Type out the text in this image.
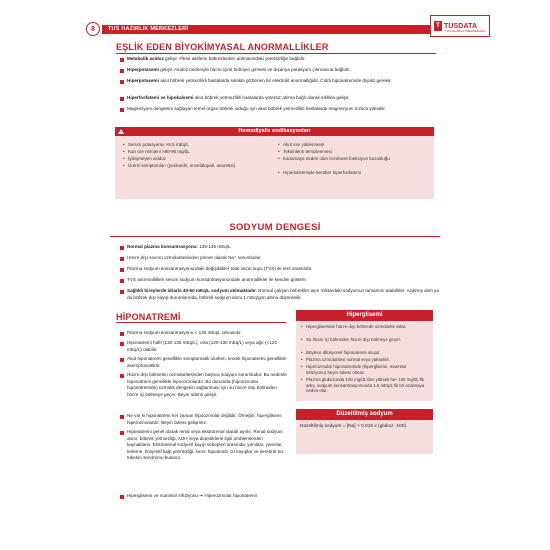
8	TUS HAZIRLIK MERKEZLERİ	T TUSDATA
TUS HAZIRLIK MERKEZLERİ
EŞLİK EDEN BİYOKİMYASAL ANORMALLİKLER
Metabolik asidoz gelişir. Fikse asitlerin böbreklerden atılmasındaki yetersizliğe bağlıdır.
Hiperpotasemi gelişir. Asidoz nedeniyle hücre içine hidrojen girmesi ve dışarıya potasyum çıkmasına bağlıdır.
Hiperpotasemi akut böbrek yetmezlikli hastalarda sıklıkla gözlenen bir elektrolit anormalliğidir. Ciddi hiponatremide diyaliz gerekir.
Hiperfosfatemi ve hipokalsemi akut böbrek yetmezlikli hastalarda yetersiz atılma bağlı olarak sıklıkla gelişir.
Magnezyum dengesini sağlayan temel organ böbrek olduğu için akut böbrek yetmezlikli hastalarda magnezyum hızlıca yükselir.
Hemodiyaliz endikasyonları
• Serum potasyumu >5.5 mEq/L
• Kan üre nitrojeni >80-90 mg/dL
• İyileşmeyen asidoz
• Üremi semptomları (perikardit, ensefalopati, anoreksi)
• Akut sıvı yüklenmesi
• Toksinlerin temizlenmesi
• Kanamaya neden olan trombosit fonksiyon bozukluğu
• Hiperkalsemiyle beraber hiperfosfatemi
SODYUM DENGESİ
Normal plazma konsantrasyonu: 135-145 mEq/L
Hücre dışı sıvının ozmolaritesinden primer olarak Na⁺ sorumludur.
Plazma sodyum konsantrasyonundaki değişiklikler total vücut suyu (TVS) ile ters orantılıdır.
TVS anormallikleri serum sodyum konsantrasyonundaki anormallikler ile kendini gösterir.
Sağlıklı bireylerde idrarla 40-60 mEq/L sodyum atılmaktadır. Normal çalışan böbrekler aşırı miktardaki sodyumun tamamını atabilirler. Azalmış alım ya da böbrek dışı kayıp durumlarında, böbrek sodyum atımı 1 mEq/gün altına düşürebilir.
HİPONATREMİ
Plazma sodyum konsantrasyonu < 135 mEq/L olmasıdır.
Hiponatremi hafif (130-135 mEq/L), orta (120-130 mEq/L) veya ağır (<120 mEq/L) olabilir.
Akut hiponatremi genellikle semptomatik olurken, kronik hiponatremi genellikle asemptomatiktir.
Hücre dışı bölmenin ozmolaritesinden başlıca sodyum sorumludur. Bu nedenle hiponatremi genellikle hipoozmolardır. Bu durumda (hipoozmolar hiponatremide) ozmotik dengenin sağlanması için su hücre dışı bölmeden hücre içi bölmeye geçer. Beyin ödemi gelişir.
Ne var ki hiponatremi her zaman hipoozmolar değildir. Örneğin; hiperglisemi hiperozmolardır. Beyin ödemi gelişmez.
Hiponatremi genel olarak renal veya ekstrarenal olarak ayrılır. Renal sodyum atımı, böbrek yetmezliği, ADH veya diüretiklerle ilgili problemlerden kaynaklanır. Ekstrarenal sodyum kayıp sebepleri arasında; yanıklar, yanıklar, terleme, konjestif kalp yetmezliği, siroz, hipotiroidi, GI kayıplar ve serebral tuz tüketim sendromu bulunur.
Hiperglisemi ve mannitol infüzyonu ➔ Hiperozmolar hiponatremi
Hiperglisemi
• Hiperglisemide hücre dışı bölmede ozmolarite artar.
• Su hücre içi bölmeden hücre dışı bölmeye geçer.
• Böylece dilüsyonel hiponatremi oluşur.
• Plazma ozmolaritesi normal veya yüksektir.
• Hiperozmolar hiponatremide (hiperglisemi, mannitol infüzyonu) beyin ödemi olmaz.
• Plazma glukozunda 100 mg/dL'den yüksek her 100 mg/dL'lik artış, sodyum konsantrasyonunda 1.6 mEq/L'lik bir azalmaya neden olur.
Düzeltilmiş sodyum
Düzeltilmiş sodyum = [Na] + 0.016 x (glukoz -100)
